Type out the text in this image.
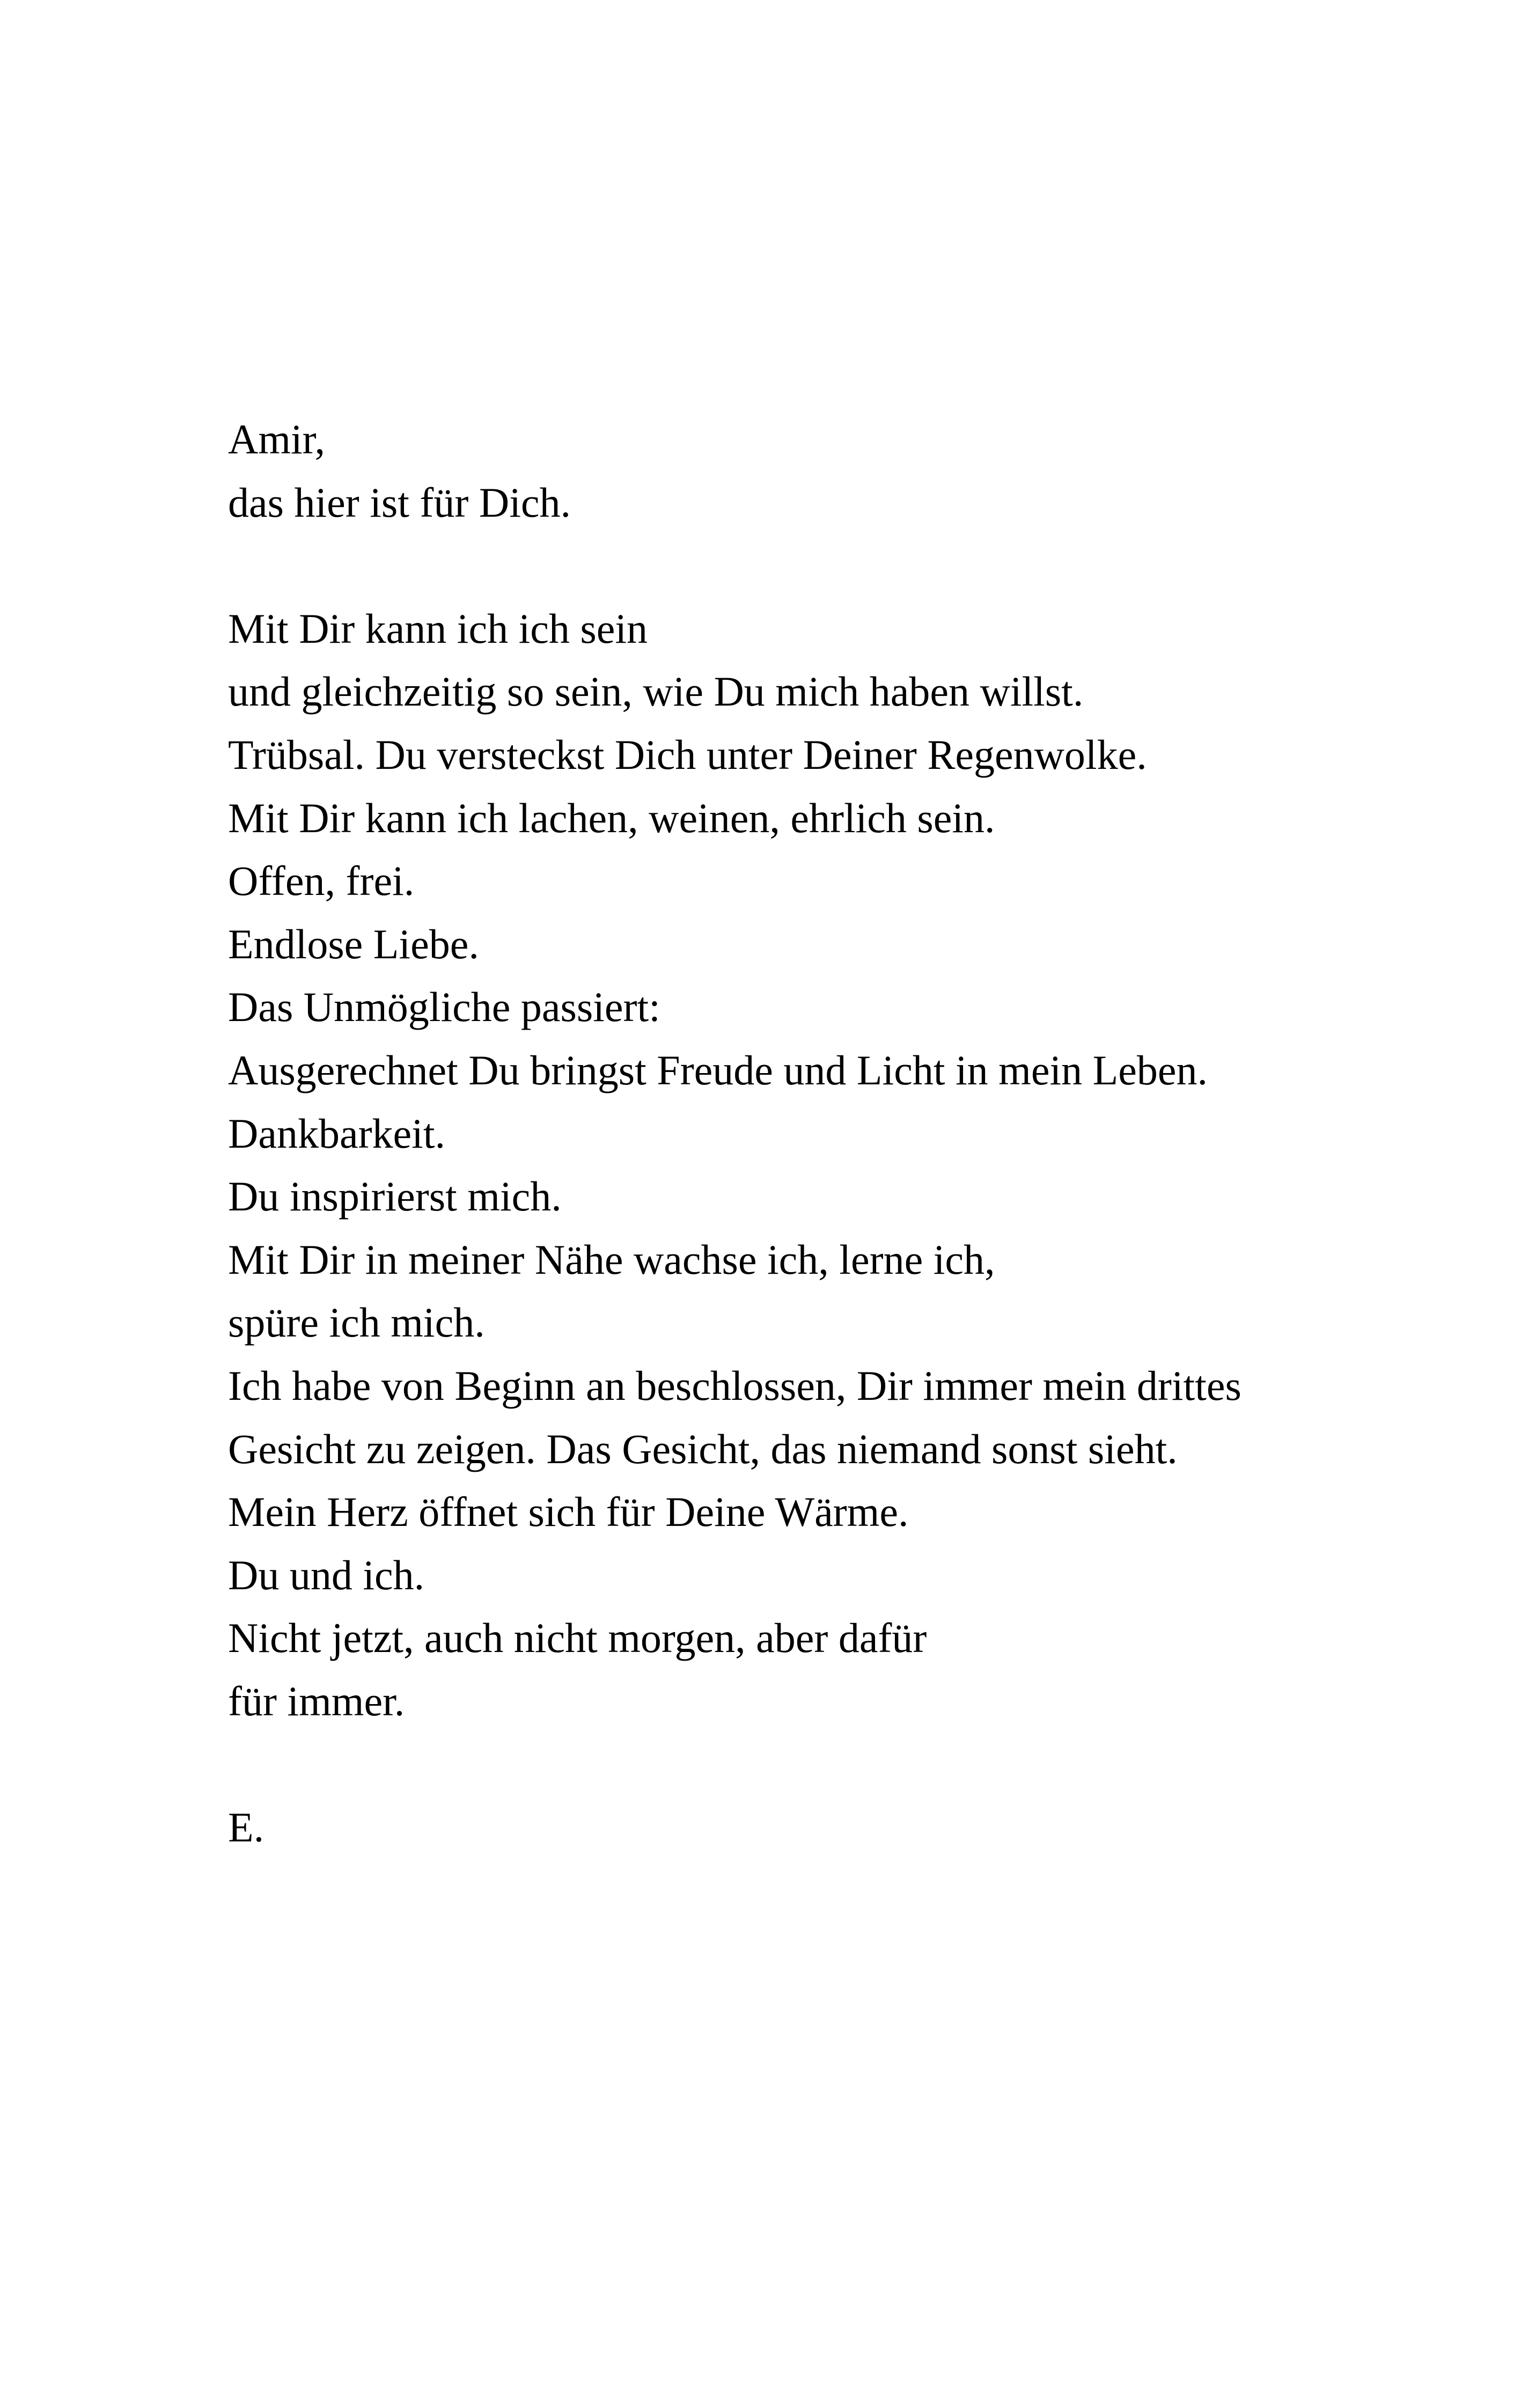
Amir,
das hier ist für Dich.
Mit Dir kann ich ich sein
und gleichzeitig so sein, wie Du mich haben willst.
Trübsal. Du versteckst Dich unter Deiner Regenwolke.
Mit Dir kann ich lachen, weinen, ehrlich sein.
Offen, frei.
Endlose Liebe.
Das Unmögliche passiert:
Ausgerechnet Du bringst Freude und Licht in mein Leben.
Dankbarkeit.
Du inspirierst mich.
Mit Dir in meiner Nähe wachse ich, lerne ich,
spüre ich mich.
Ich habe von Beginn an beschlossen, Dir immer mein drittes
Gesicht zu zeigen. Das Gesicht, das niemand sonst sieht.
Mein Herz öffnet sich für Deine Wärme.
Du und ich.
Nicht jetzt, auch nicht morgen, aber dafür
für immer.
E.
